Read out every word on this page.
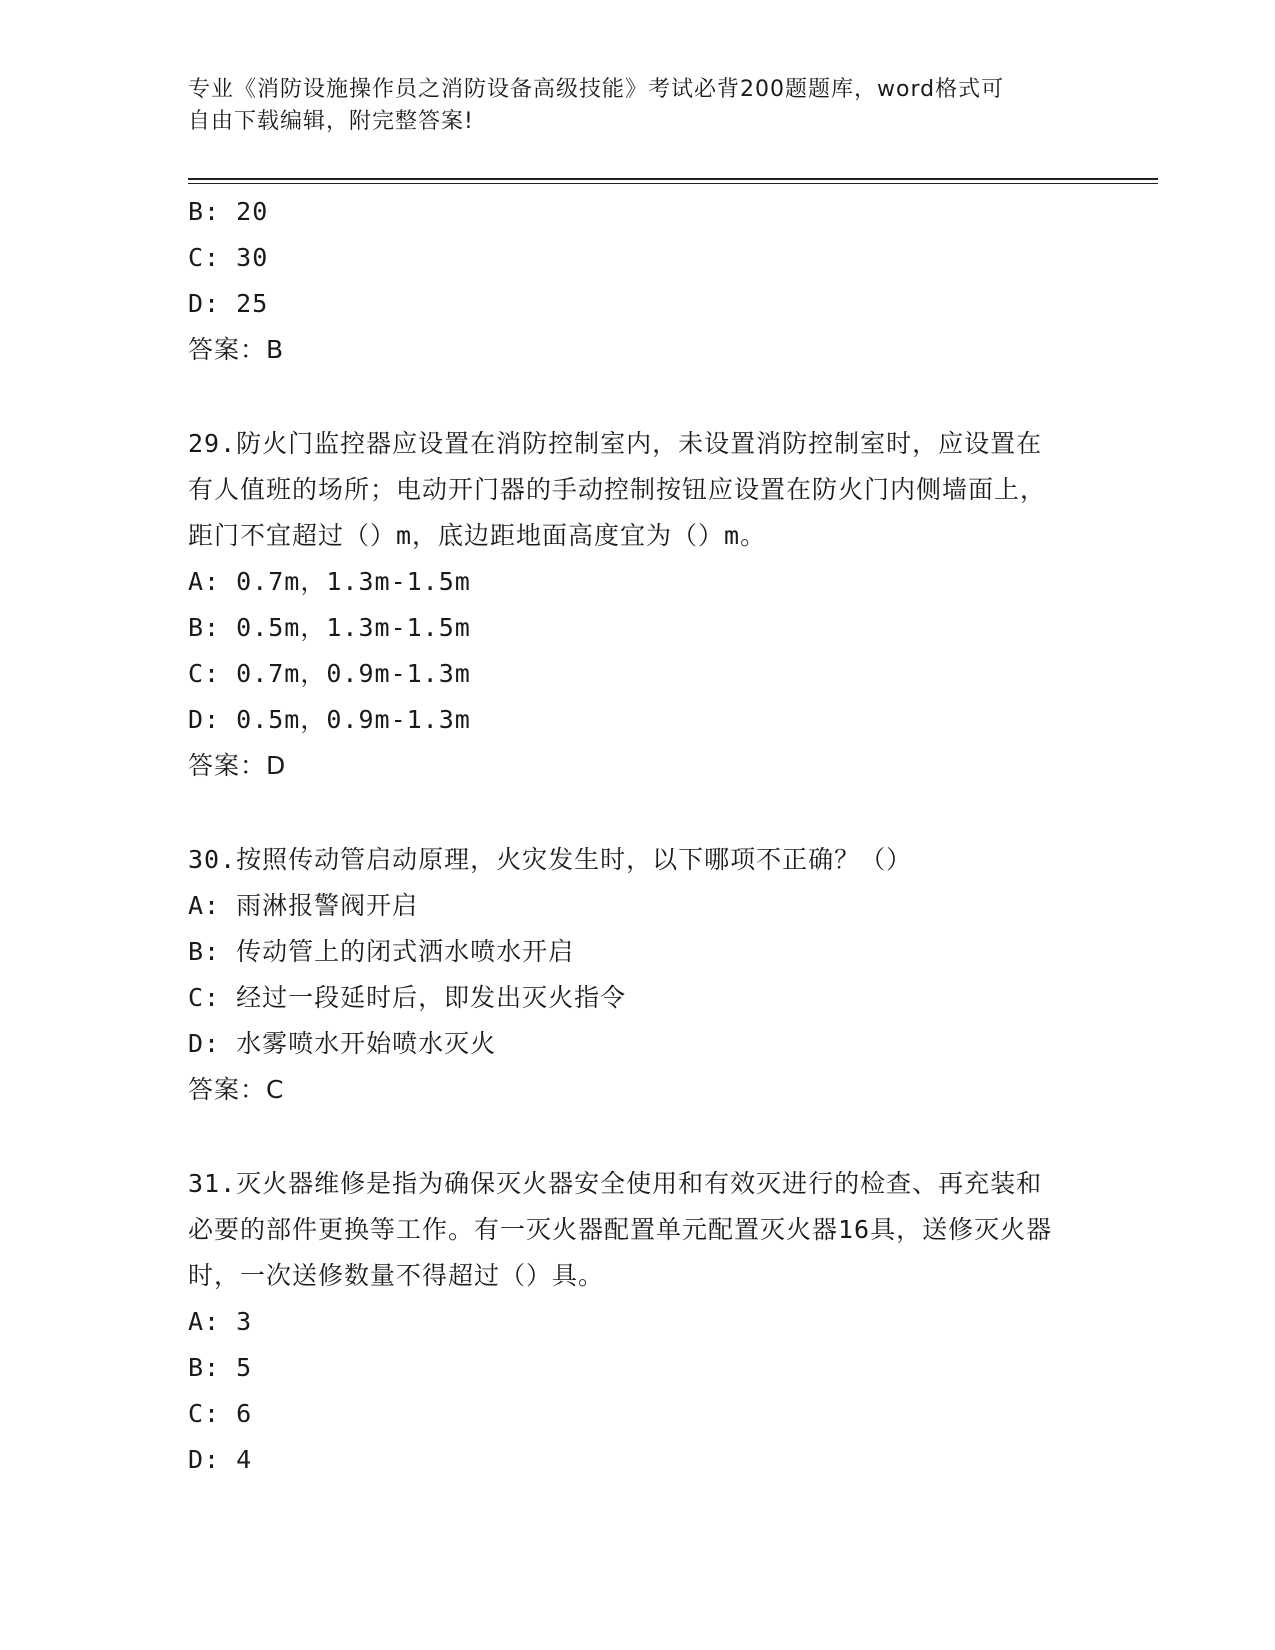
专业《消防设施操作员之消防设备高级技能》考试必背200题题库，word格式可
自由下载编辑，附完整答案!
B: 20
C: 30
D: 25
答案：B
29.防火门监控器应设置在消防控制室内，未设置消防控制室时，应设置在有人值班的场所；电动开门器的手动控制按钮应设置在防火门内侧墙面上，距门不宜超过（）m，底边距地面高度宜为（）m。
A: 0.7m，1.3m-1.5m
B: 0.5m，1.3m-1.5m
C: 0.7m，0.9m-1.3m
D: 0.5m，0.9m-1.3m
答案：D
30.按照传动管启动原理，火灾发生时，以下哪项不正确？（）
A: 雨淋报警阀开启
B: 传动管上的闭式洒水喷水开启
C: 经过一段延时后，即发出灭火指令
D: 水雾喷水开始喷水灭火
答案：C
31.灭火器维修是指为确保灭火器安全使用和有效灭进行的检查、再充装和必要的部件更换等工作。有一灭火器配置单元配置灭火器16具，送修灭火器时，一次送修数量不得超过（）具。
A: 3
B: 5
C: 6
D: 4
